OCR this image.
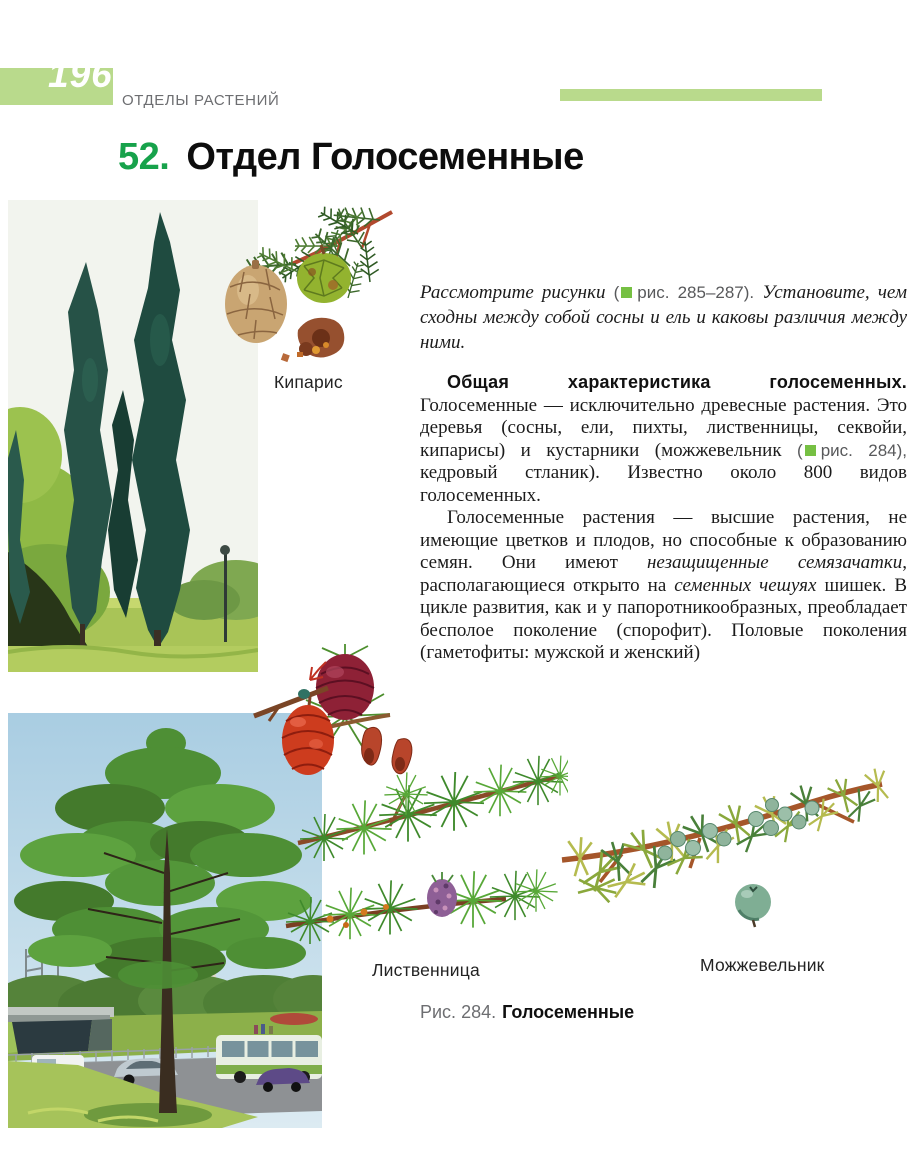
196
ОТДЕЛЫ РАСТЕНИЙ
52. Отдел Голосеменные
Кипарис

Рассмотрите рисунки ( рис. 285–287). Установите, чем сходны между собой сосны и ель и каковы различия между ними.

Общая характеристика голосеменных. Голосеменные — исключительно древесные растения. Это деревья (сосны, ели, пихты, лиственницы, секвойи, кипарисы) и кустарники (можжевельник ( рис. 284), кедровый стланик). Известно около 800 видов голосеменных.

Голосеменные растения — высшие растения, не имеющие цветков и плодов, но способные к образованию семян. Они имеют незащищенные семязачатки, располагающиеся открыто на семенных чешуях шишек. В цикле развития, как и у папоротникообразных, преобладает бесполое поколение (спорофит). Половые поколения (гаметофиты: мужской и женский)

Лиственница	Можжевельник
Рис. 284. Голосеменные
